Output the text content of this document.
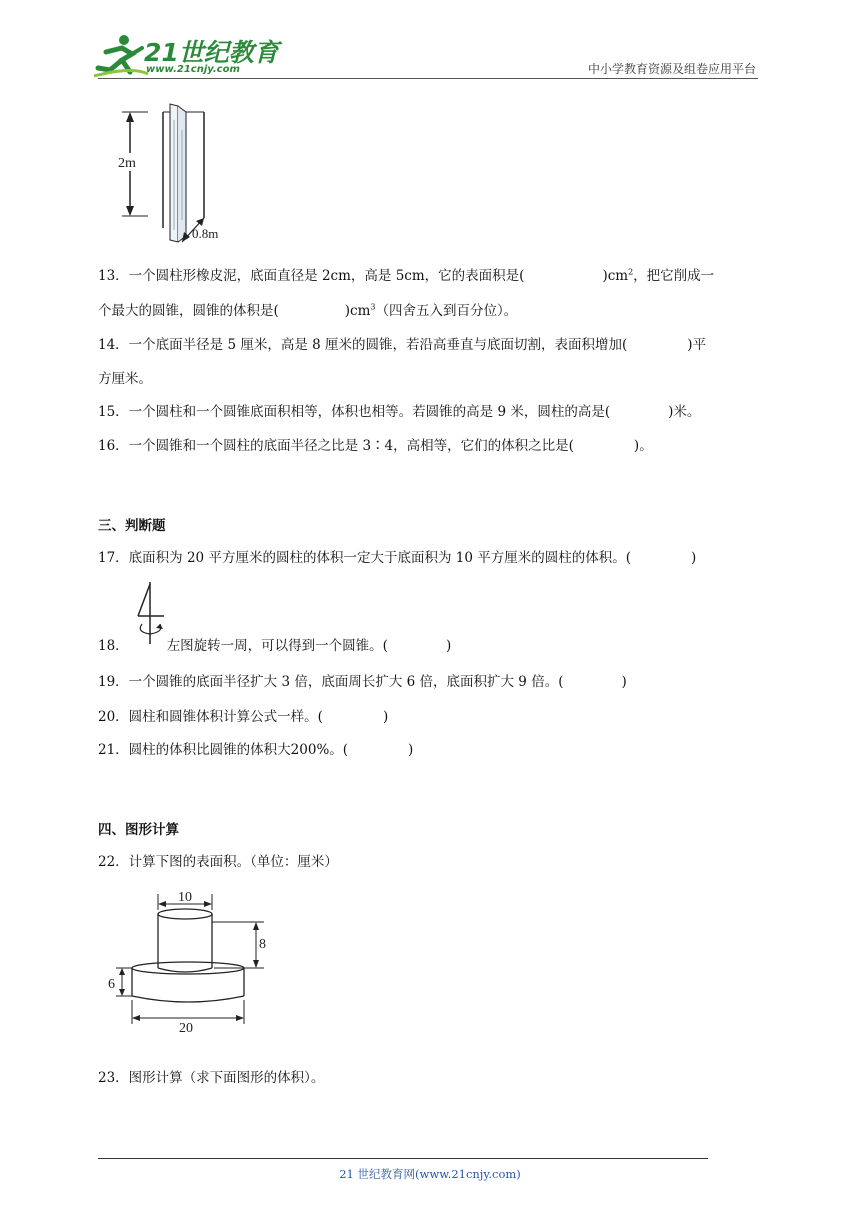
21世纪教育
www.21cnjy.com	中小学教育资源及组卷应用平台
2m
0.8m
13．一个圆柱形橡皮泥，底面直径是 2cm，高是 5cm，它的表面积是(	)$cm^2$，把它削成一
个最大的圆锥，圆锥的体积是(	)$cm^3$（四舍五入到百分位）。
14．一个底面半径是 5 厘米，高是 8 厘米的圆锥，若沿高垂直与底面切割，表面积增加(	)平
方厘米。
15．一个圆柱和一个圆锥底面积相等，体积也相等。若圆锥的高是 9 米，圆柱的高是(	)米。
16．一个圆锥和一个圆柱的底面半径之比是 3∶4，高相等，它们的体积之比是(	)。
三、判断题
17．底面积为 20 平方厘米的圆柱的体积一定大于底面积为 10 平方厘米的圆柱的体积。(	)
18．	左图旋转一周，可以得到一个圆锥。(	)
19．一个圆锥的底面半径扩大 3 倍，底面周长扩大 6 倍，底面积扩大 9 倍。(	)
20．圆柱和圆锥体积计算公式一样。(	)
21．圆柱的体积比圆锥的体积大200%。(	)
四、图形计算
22．计算下图的表面积。（单位：厘米）
10
8
6
20
23．图形计算（求下面图形的体积）。
21 世纪教育网(www.21cnjy.com)
